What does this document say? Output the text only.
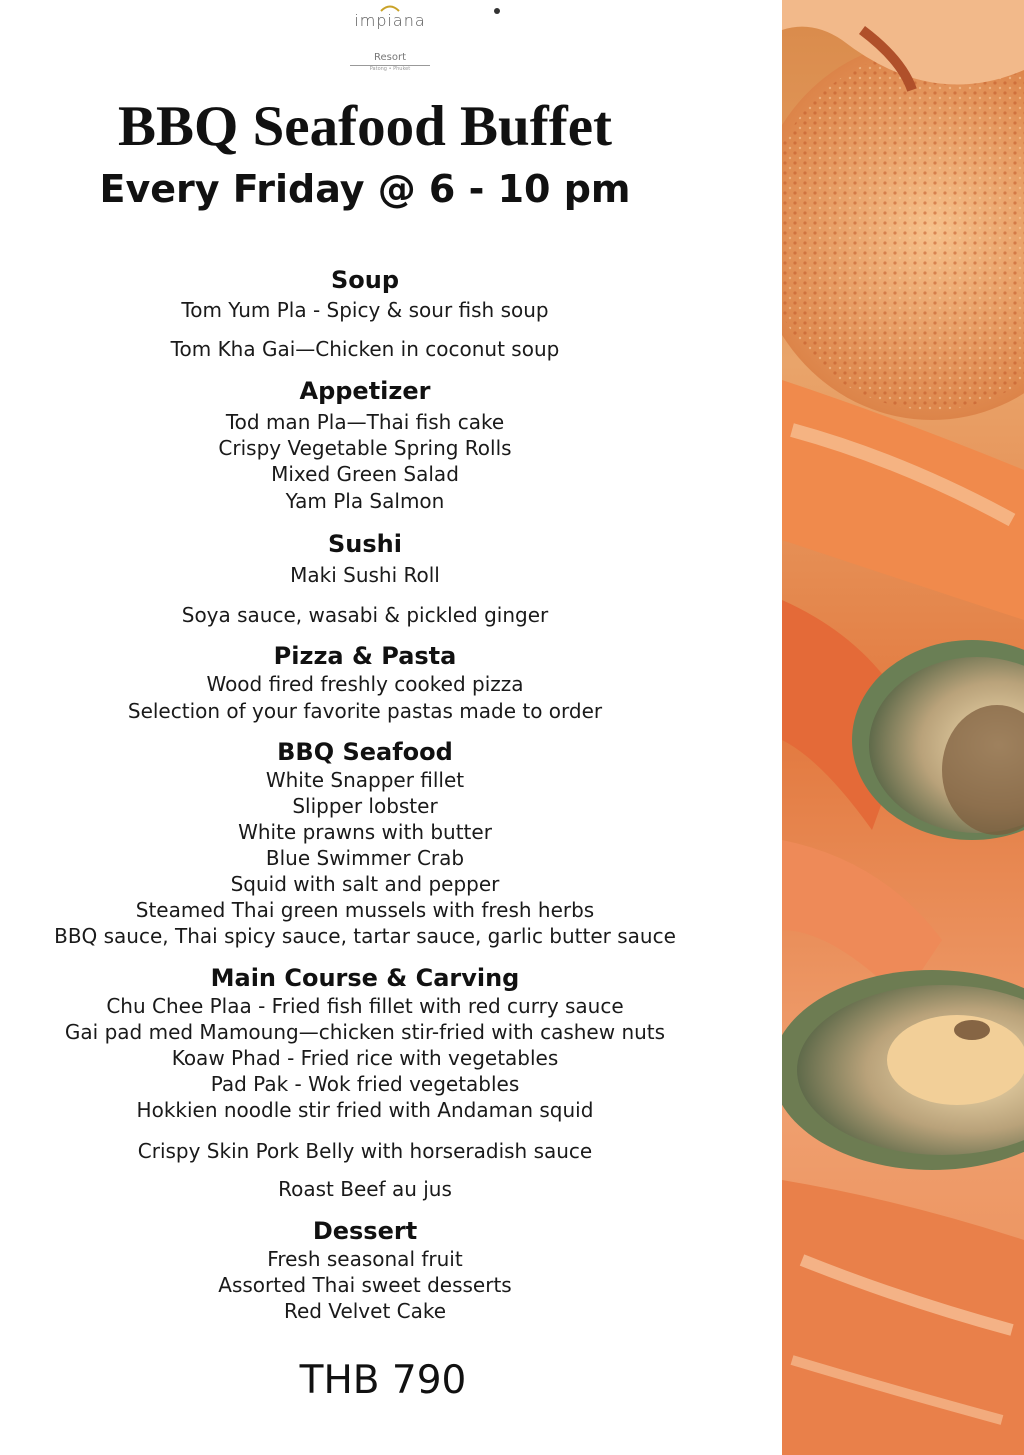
impiana
Resort
Patong • Phuket
BBQ Seafood Buffet
Every Friday @ 6 - 10 pm
Soup
Tom Yum Pla - Spicy & sour fish soup
Tom Kha Gai—Chicken in coconut soup
Appetizer
Tod man Pla—Thai fish cake
Crispy Vegetable Spring Rolls
Mixed Green Salad
Yam Pla Salmon
Sushi
Maki Sushi Roll
Soya sauce, wasabi & pickled ginger
Pizza & Pasta
Wood fired freshly cooked pizza
Selection of your favorite pastas made to order
BBQ Seafood
White Snapper fillet
Slipper lobster
White prawns with butter
Blue Swimmer Crab
Squid with salt and pepper
Steamed Thai green mussels with fresh herbs
BBQ sauce, Thai spicy sauce, tartar sauce, garlic butter sauce
Main Course & Carving
Chu Chee Plaa - Fried fish fillet with red curry sauce
Gai pad med Mamoung—chicken stir-fried with cashew nuts
Koaw Phad - Fried rice with vegetables
Pad Pak - Wok fried vegetables
Hokkien noodle stir fried with Andaman squid
Crispy Skin Pork Belly with horseradish sauce
Roast Beef au jus
Dessert
Fresh seasonal fruit
Assorted Thai sweet desserts
Red Velvet Cake
THB 790
